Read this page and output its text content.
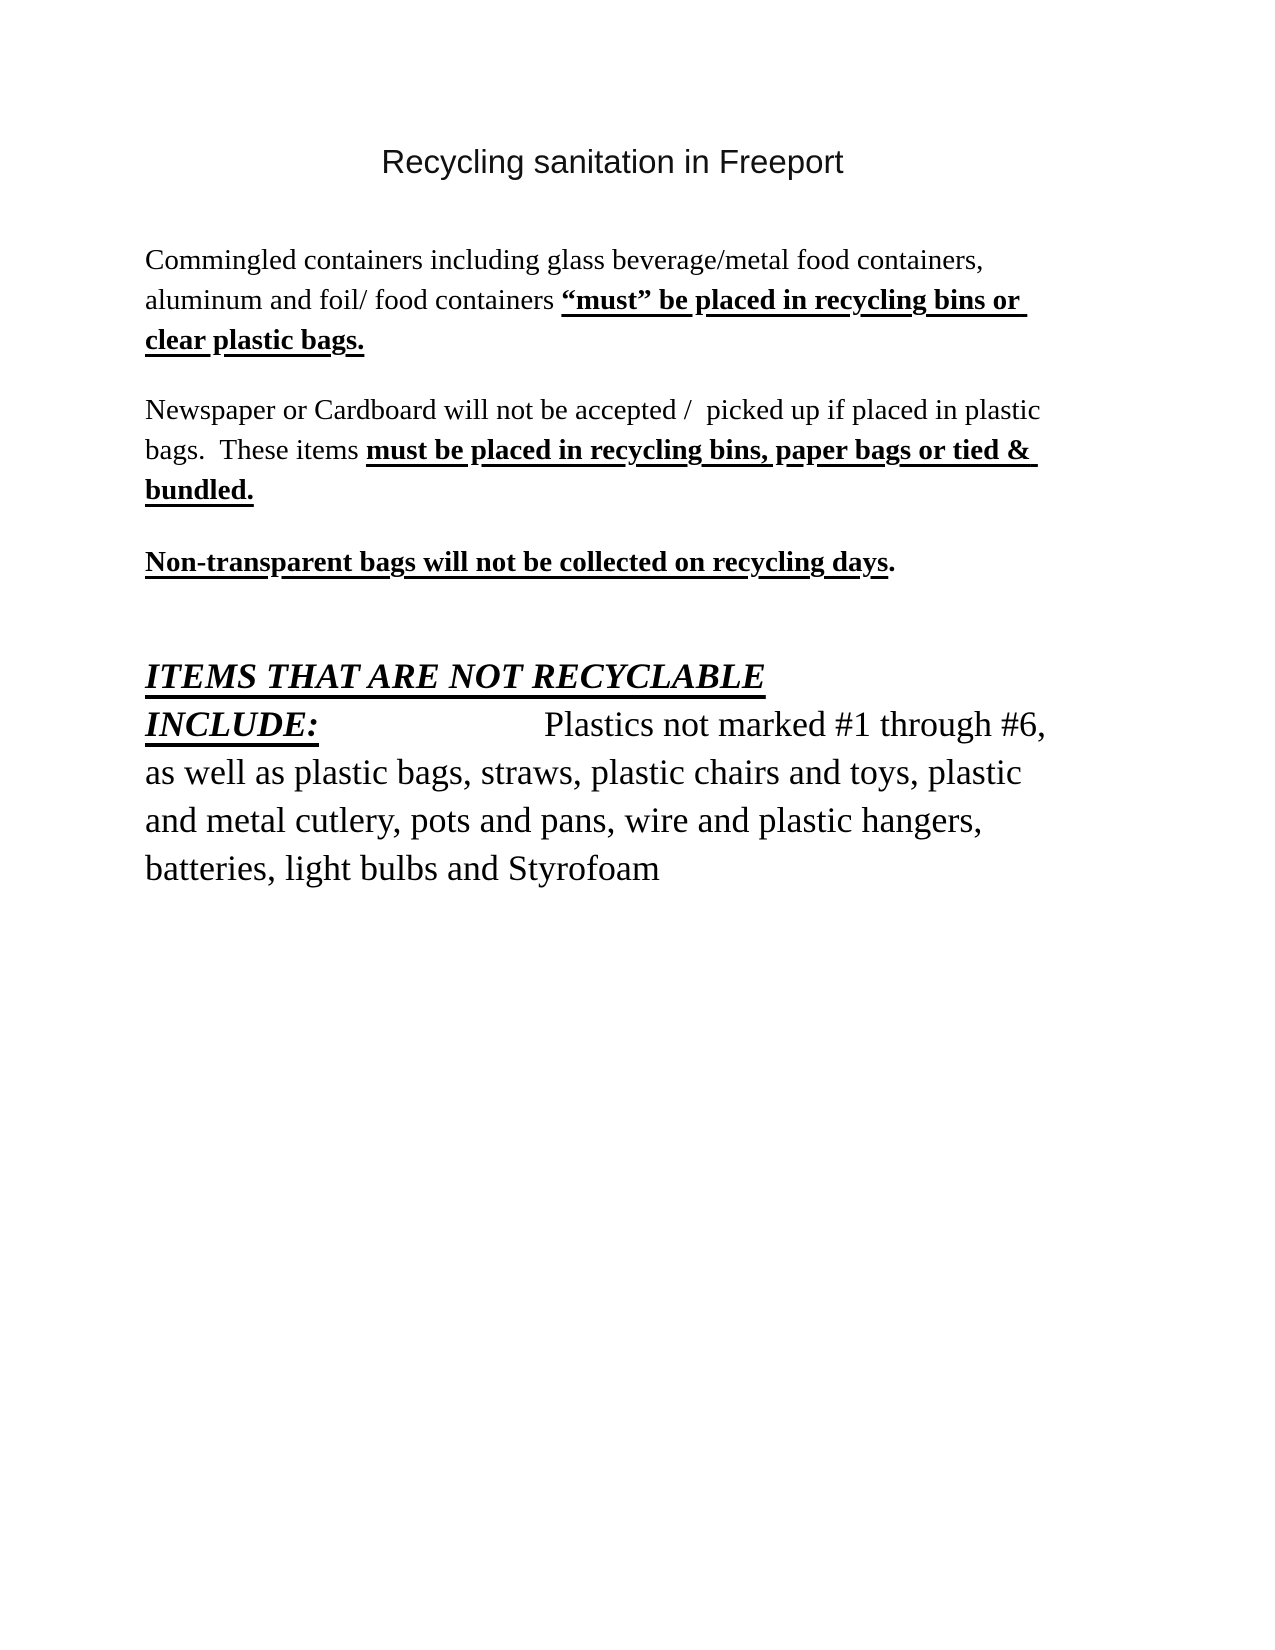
Recycling sanitation in Freeport

Commingled containers including glass beverage/metal food containers, aluminum and foil/ food containers “must” be placed in recycling bins or clear plastic bags.

Newspaper or Cardboard will not be accepted /  picked up if placed in plastic bags.  These items must be placed in recycling bins, paper bags or tied & bundled.

Non-transparent bags will not be collected on recycling days.

ITEMS THAT ARE NOT RECYCLABLE
INCLUDE:	Plastics not marked #1 through #6, as well as plastic bags, straws, plastic chairs and toys, plastic and metal cutlery, pots and pans, wire and plastic hangers, batteries, light bulbs and Styrofoam
